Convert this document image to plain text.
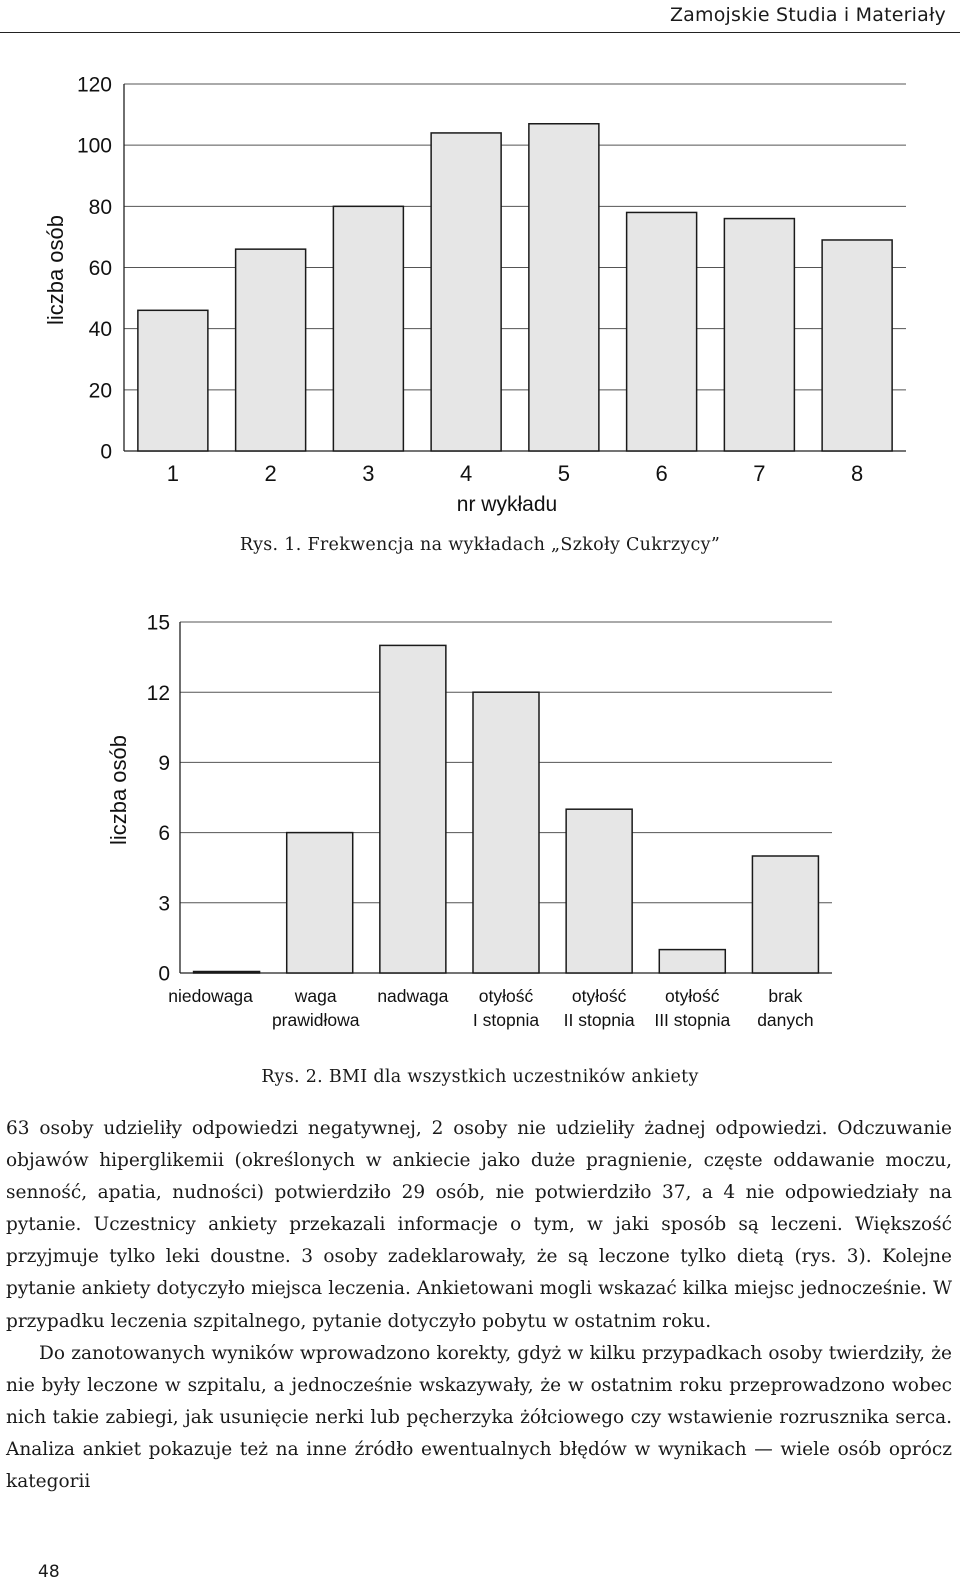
Zamojskie Studia i Materiały
0
20
40
60
80
100
120
1	2	3	4	5	6	7	8
liczba osób
nr wykładu
Rys. 1. Frekwencja na wykładach „Szkoły Cukrzycy”
0
3
6
9
12
15
niedowaga waga
prawidłowa
nadwaga otyłość
I stopnia
otyłość
II stopnia
otyłość
III stopnia
brak
danych
liczba osób
Rys. 2. BMI dla wszystkich uczestników ankiety

63 osoby udzieliły odpowiedzi negatywnej, 2 osoby nie udzieliły żadnej odpowiedzi. Odczuwanie objawów hiperglikemii (określonych w ankiecie jako duże pragnienie, częste oddawanie moczu, senność, apatia, nudności) potwierdziło 29 osób, nie potwierdziło 37, a 4 nie odpowiedziały na pytanie. Uczestnicy ankiety przekazali informacje o tym, w jaki sposób są leczeni. Większość przyjmuje tylko leki doustne. 3 osoby zadeklarowały, że są leczone tylko dietą (rys. 3). Kolejne pytanie ankiety dotyczyło miejsca leczenia. Ankietowani mogli wskazać kilka miejsc jednocześnie. W przypadku leczenia szpitalnego, pytanie dotyczyło pobytu w ostatnim roku.

Do zanotowanych wyników wprowadzono korekty, gdyż w kilku przypadkach osoby twierdziły, że nie były leczone w szpitalu, a jednocześnie wskazywały, że w ostatnim roku przeprowadzono wobec nich takie zabiegi, jak usunięcie nerki lub pęcherzyka żółciowego czy wstawienie rozrusznika serca. Analiza ankiet pokazuje też na inne źródło ewentualnych błędów w wynikach — wiele osób oprócz kategorii

48
